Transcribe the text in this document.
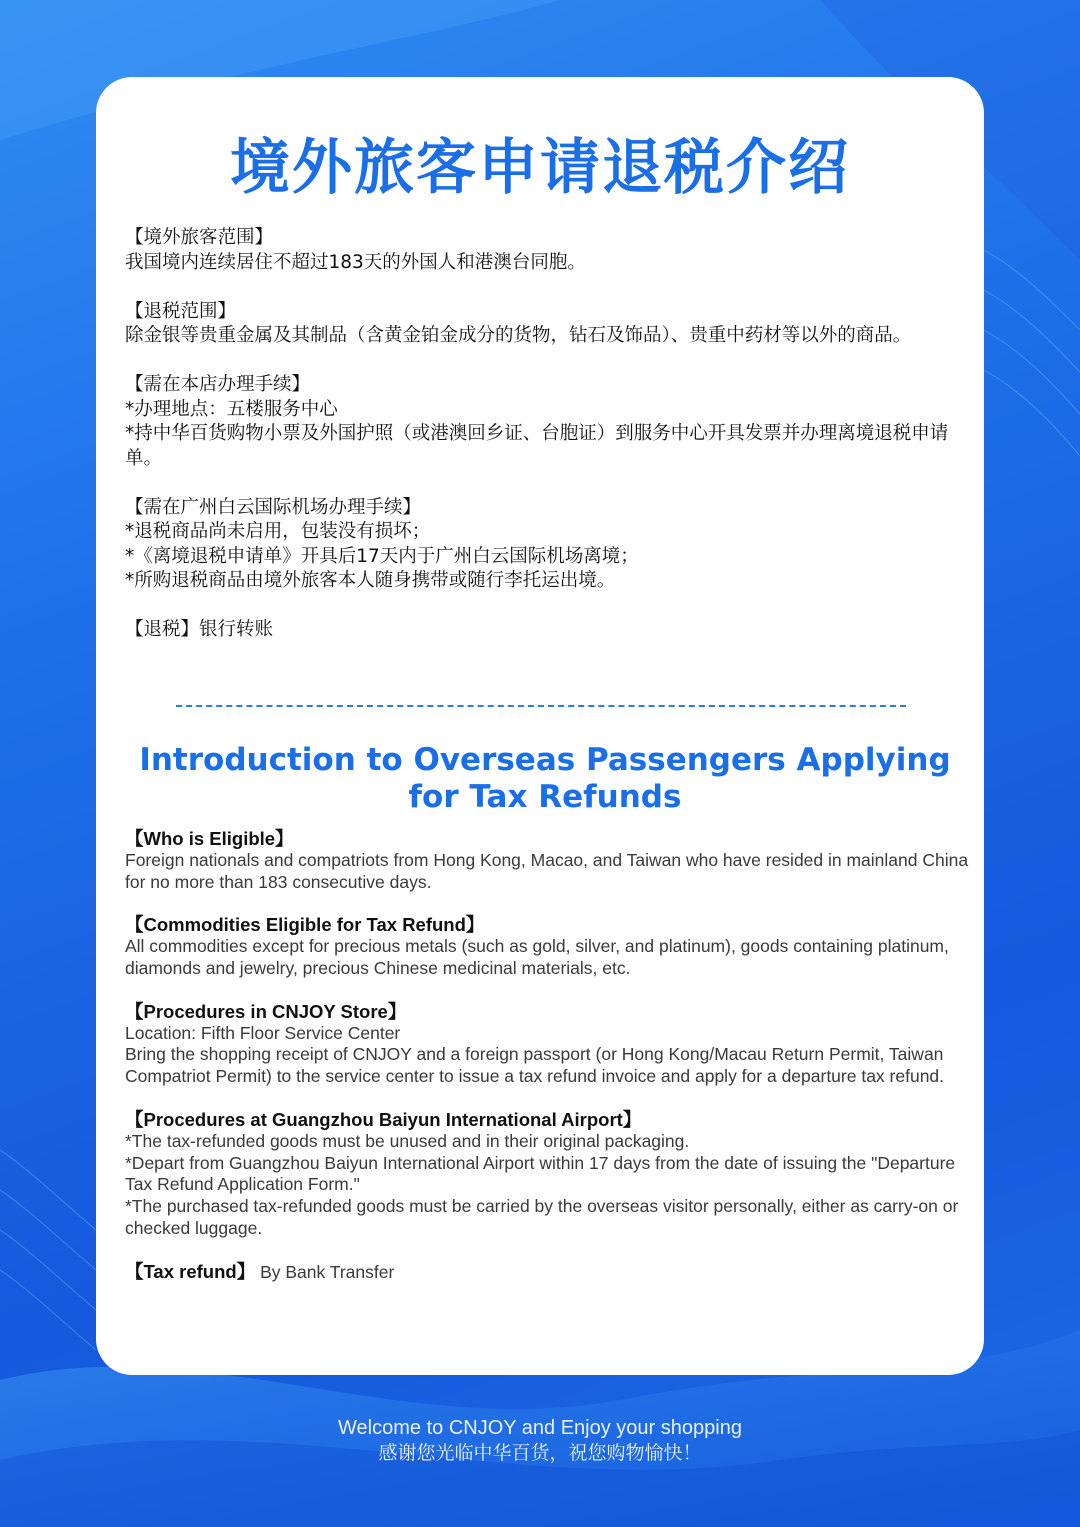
境外旅客申请退税介绍

【境外旅客范围】

我国境内连续居住不超过183天的外国人和港澳台同胞。

【退税范围】

除金银等贵重金属及其制品（含黄金铂金成分的货物，钻石及饰品）、贵重中药材等以外的商品。

【需在本店办理手续】

*办理地点：五楼服务中心

*持中华百货购物小票及外国护照（或港澳回乡证、台胞证）到服务中心开具发票并办理离境退税申请单。

【需在广州白云国际机场办理手续】

*退税商品尚未启用，包装没有损坏；

*《离境退税申请单》开具后17天内于广州白云国际机场离境；

*所购退税商品由境外旅客本人随身携带或随行李托运出境。

【退税】银行转账

Introduction to Overseas Passengers Applying
for Tax Refunds

【Who is Eligible】

Foreign nationals and compatriots from Hong Kong, Macao, and Taiwan who have resided in mainland China for no more than 183 consecutive days.

【Commodities Eligible for Tax Refund】

All commodities except for precious metals (such as gold, silver, and platinum), goods containing platinum, diamonds and jewelry, precious Chinese medicinal materials, etc.

【Procedures in CNJOY Store】

Location: Fifth Floor Service Center

Bring the shopping receipt of CNJOY and a foreign passport (or Hong Kong/Macau Return Permit, Taiwan Compatriot Permit) to the service center to issue a tax refund invoice and apply for a departure tax refund.

【Procedures at Guangzhou Baiyun International Airport】

*The tax-refunded goods must be unused and in their original packaging.

*Depart from Guangzhou Baiyun International Airport within 17 days from the date of issuing the "Departure Tax Refund Application Form."

*The purchased tax-refunded goods must be carried by the overseas visitor personally, either as carry-on or checked luggage.

【Tax refund】 By Bank Transfer

Welcome to CNJOY and Enjoy your shopping

感谢您光临中华百货，祝您购物愉快！
